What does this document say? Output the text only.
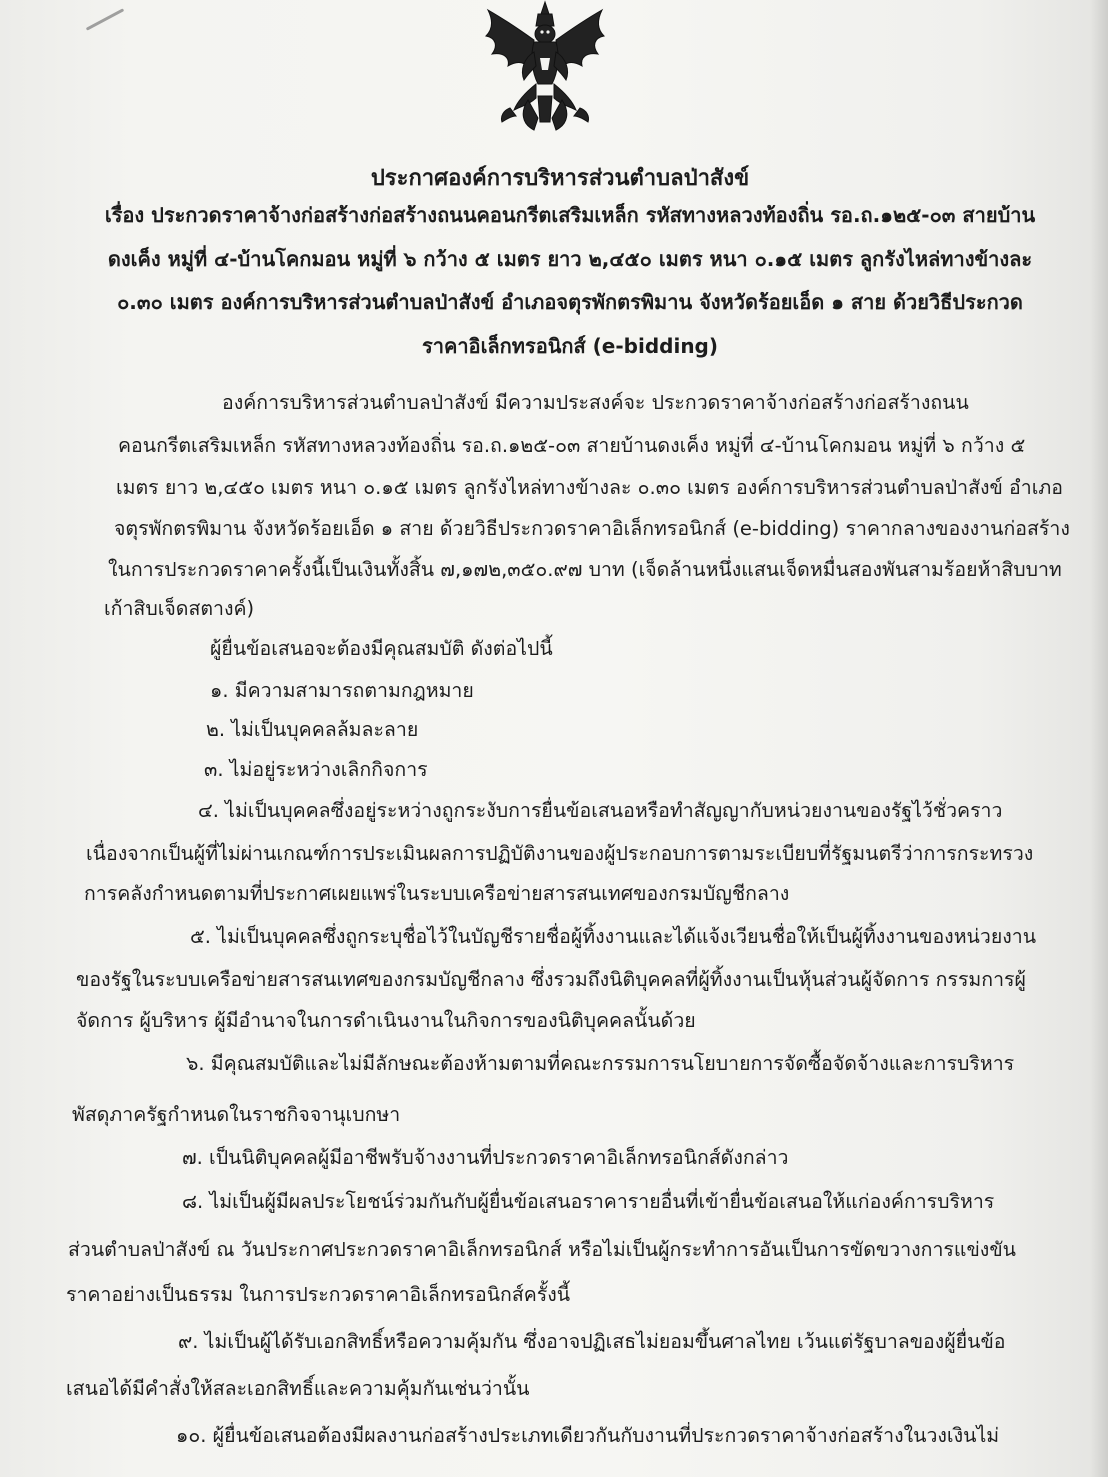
ประกาศองค์การบริหารส่วนตำบลป่าสังข์
เรื่อง ประกวดราคาจ้างก่อสร้างก่อสร้างถนนคอนกรีตเสริมเหล็ก รหัสทางหลวงท้องถิ่น รอ.ถ.๑๒๕-๐๓ สายบ้าน
ดงเค็ง หมู่ที่ ๔-บ้านโคกมอน หมู่ที่ ๖ กว้าง ๕ เมตร ยาว ๒,๔๕๐ เมตร หนา ๐.๑๕ เมตร ลูกรังไหล่ทางข้างละ
๐.๓๐ เมตร องค์การบริหารส่วนตำบลป่าสังข์ อำเภอจตุรพักตรพิมาน จังหวัดร้อยเอ็ด ๑ สาย ด้วยวิธีประกวด
ราคาอิเล็กทรอนิกส์ (e-bidding)
องค์การบริหารส่วนตำบลป่าสังข์ มีความประสงค์จะ ประกวดราคาจ้างก่อสร้างก่อสร้างถนน
คอนกรีตเสริมเหล็ก รหัสทางหลวงท้องถิ่น รอ.ถ.๑๒๕-๐๓ สายบ้านดงเค็ง หมู่ที่ ๔-บ้านโคกมอน หมู่ที่ ๖ กว้าง ๕
เมตร ยาว ๒,๔๕๐ เมตร หนา ๐.๑๕ เมตร ลูกรังไหล่ทางข้างละ ๐.๓๐ เมตร องค์การบริหารส่วนตำบลป่าสังข์ อำเภอ
จตุรพักตรพิมาน จังหวัดร้อยเอ็ด ๑ สาย ด้วยวิธีประกวดราคาอิเล็กทรอนิกส์ (e-bidding) ราคากลางของงานก่อสร้าง
ในการประกวดราคาครั้งนี้เป็นเงินทั้งสิ้น ๗,๑๗๒,๓๕๐.๙๗ บาท (เจ็ดล้านหนึ่งแสนเจ็ดหมื่นสองพันสามร้อยห้าสิบบาท
เก้าสิบเจ็ดสตางค์)
ผู้ยื่นข้อเสนอจะต้องมีคุณสมบัติ ดังต่อไปนี้
๑. มีความสามารถตามกฎหมาย
๒. ไม่เป็นบุคคลล้มละลาย
๓. ไม่อยู่ระหว่างเลิกกิจการ
๔. ไม่เป็นบุคคลซึ่งอยู่ระหว่างถูกระงับการยื่นข้อเสนอหรือทำสัญญากับหน่วยงานของรัฐไว้ชั่วคราว
เนื่องจากเป็นผู้ที่ไม่ผ่านเกณฑ์การประเมินผลการปฏิบัติงานของผู้ประกอบการตามระเบียบที่รัฐมนตรีว่าการกระทรวง
การคลังกำหนดตามที่ประกาศเผยแพร่ในระบบเครือข่ายสารสนเทศของกรมบัญชีกลาง
๕. ไม่เป็นบุคคลซึ่งถูกระบุชื่อไว้ในบัญชีรายชื่อผู้ทิ้งงานและได้แจ้งเวียนชื่อให้เป็นผู้ทิ้งงานของหน่วยงาน
ของรัฐในระบบเครือข่ายสารสนเทศของกรมบัญชีกลาง ซึ่งรวมถึงนิติบุคคลที่ผู้ทิ้งงานเป็นหุ้นส่วนผู้จัดการ กรรมการผู้
จัดการ ผู้บริหาร ผู้มีอำนาจในการดำเนินงานในกิจการของนิติบุคคลนั้นด้วย
๖. มีคุณสมบัติและไม่มีลักษณะต้องห้ามตามที่คณะกรรมการนโยบายการจัดซื้อจัดจ้างและการบริหาร
พัสดุภาครัฐกำหนดในราชกิจจานุเบกษา
๗. เป็นนิติบุคคลผู้มีอาชีพรับจ้างงานที่ประกวดราคาอิเล็กทรอนิกส์ดังกล่าว
๘. ไม่เป็นผู้มีผลประโยชน์ร่วมกันกับผู้ยื่นข้อเสนอราคารายอื่นที่เข้ายื่นข้อเสนอให้แก่องค์การบริหาร
ส่วนตำบลป่าสังข์ ณ วันประกาศประกวดราคาอิเล็กทรอนิกส์ หรือไม่เป็นผู้กระทำการอันเป็นการขัดขวางการแข่งขัน
ราคาอย่างเป็นธรรม ในการประกวดราคาอิเล็กทรอนิกส์ครั้งนี้
๙. ไม่เป็นผู้ได้รับเอกสิทธิ์หรือความคุ้มกัน ซึ่งอาจปฏิเสธไม่ยอมขึ้นศาลไทย เว้นแต่รัฐบาลของผู้ยื่นข้อ
เสนอได้มีคำสั่งให้สละเอกสิทธิ์และความคุ้มกันเช่นว่านั้น
๑๐. ผู้ยื่นข้อเสนอต้องมีผลงานก่อสร้างประเภทเดียวกันกับงานที่ประกวดราคาจ้างก่อสร้างในวงเงินไม่
